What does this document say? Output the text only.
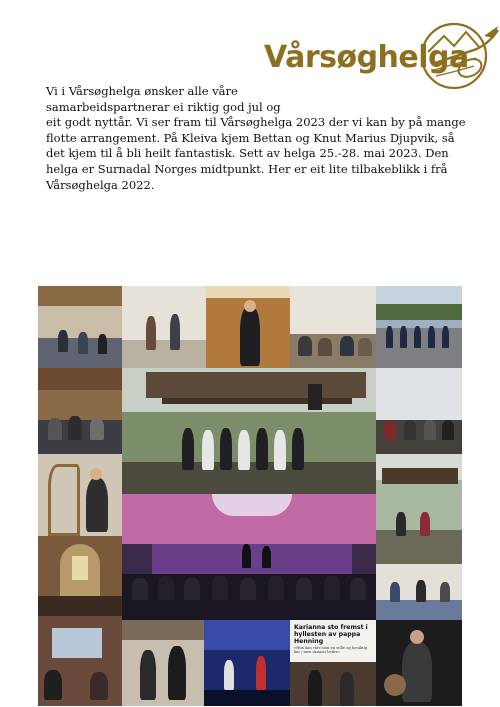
Vårsøghelga

Vi i Vårsøghelga ønsker alle våre

samarbeidspartnerar ei riktig god jul og

eit godt nyttår. Vi ser fram til Vårsøghelga 2023 der vi kan by på mange flotte arrangement. På Kleiva kjem Bettan og Knut Marius Djupvik, så det kjem til å bli heilt fantastisk. Sett av helga 25.-28. mai 2023. Den helga er Surnadal Norges midtpunkt. Her er eit lite tilbakeblikk i frå Vårsøghelga 2022.

Karianna sto fremst i hyllesten av pappa Henning
«Hun kan våre som en stille og forsiktig kar / men skinner bedre»
